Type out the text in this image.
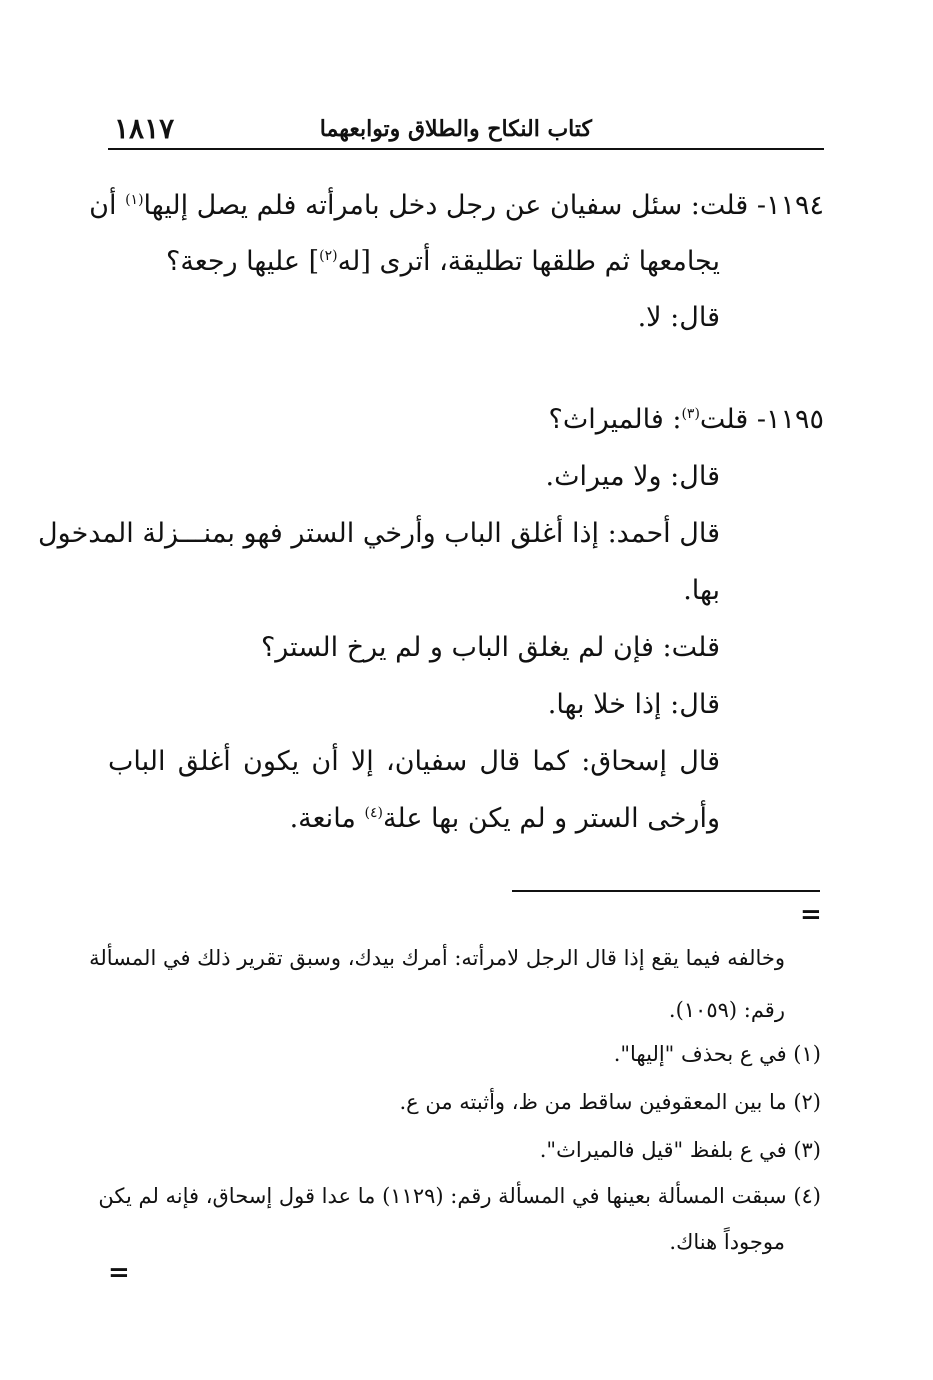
١٨١٧	كتاب النكاح والطلاق وتوابعهما
١١٩٤- قلت: سئل سفيان عن رجل دخل بامرأته فلم يصل إليها$^{(١)}$ أن
يجامعها ثم طلقها تطليقة، أترى [له$^{(٢)}$] عليها رجعة؟
قال: لا.
١١٩٥- قلت$^{(٣)}$: فالميراث؟
قال: ولا ميراث.
قال أحمد: إذا أغلق الباب وأرخي الستر فهو بمنـــزلة المدخول
بها.
قلت: فإن لم يغلق الباب و لم يرخ الستر؟
قال: إذا خلا بها.
قال إسحاق: كما قال سفيان، إلا أن يكون أغلق الباب
وأرخى الستر و لم يكن بها علة$^{(٤)}$ مانعة.
=
وخالفه فيما يقع إذا قال الرجل لامرأته: أمرك بيدك، وسبق تقرير ذلك في المسألة
رقم: (١٠٥٩).
(١) في ع بحذف "إليها".
(٢) ما بين المعقوفين ساقط من ظ، وأثبته من ع.
(٣) في ع بلفظ "قيل فالميراث".
(٤) سبقت المسألة بعينها في المسألة رقم: (١١٢٩) ما عدا قول إسحاق، فإنه لم يكن
موجوداً هناك.
=
